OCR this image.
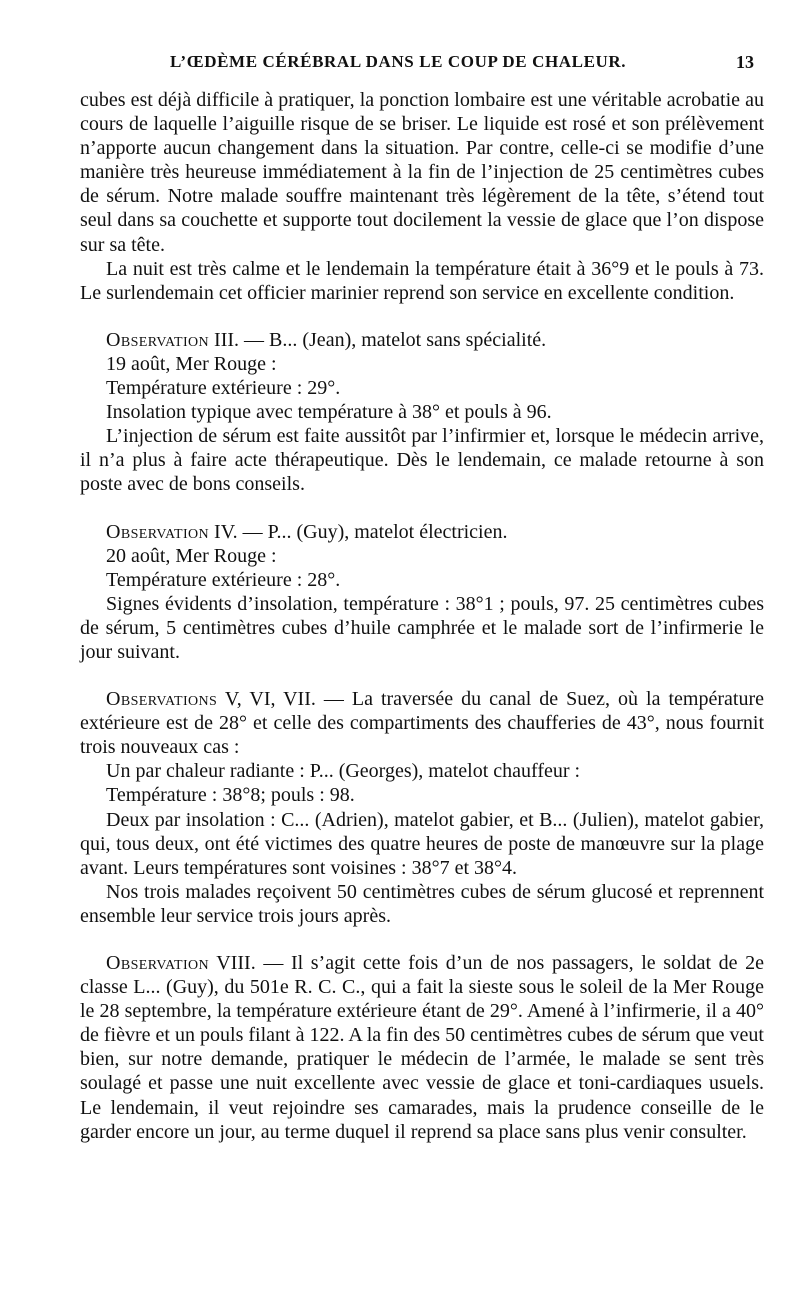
L’ŒDÈME CÉRÉBRAL DANS LE COUP DE CHALEUR.	13

cubes est déjà difficile à pratiquer, la ponction lombaire est une véritable acrobatie au cours de laquelle l’aiguille risque de se briser. Le liquide est rosé et son prélèvement n’apporte aucun changement dans la situation. Par contre, celle-ci se modifie d’une manière très heureuse immédiatement à la fin de l’injection de 25 centimètres cubes de sérum. Notre malade souffre maintenant très légèrement de la tête, s’étend tout seul dans sa couchette et supporte tout docilement la vessie de glace que l’on dispose sur sa tête.

La nuit est très calme et le lendemain la température était à 36°9 et le pouls à 73. Le surlendemain cet officier marinier reprend son service en excellente condition.

Observation III. — B... (Jean), matelot sans spécialité.

19 août, Mer Rouge :

Température extérieure : 29°.

Insolation typique avec température à 38° et pouls à 96.

L’injection de sérum est faite aussitôt par l’infirmier et, lorsque le médecin arrive, il n’a plus à faire acte thérapeutique. Dès le lendemain, ce malade retourne à son poste avec de bons conseils.

Observation IV. — P... (Guy), matelot électricien.

20 août, Mer Rouge :

Température extérieure : 28°.

Signes évidents d’insolation, température : 38°1 ; pouls, 97. 25 centimètres cubes de sérum, 5 centimètres cubes d’huile camphrée et le malade sort de l’infirmerie le jour suivant.

Observations V, VI, VII. — La traversée du canal de Suez, où la température extérieure est de 28° et celle des compartiments des chaufferies de 43°, nous fournit trois nouveaux cas :

Un par chaleur radiante : P... (Georges), matelot chauffeur :

Température : 38°8; pouls : 98.

Deux par insolation : C... (Adrien), matelot gabier, et B... (Julien), matelot gabier, qui, tous deux, ont été victimes des quatre heures de poste de manœuvre sur la plage avant. Leurs températures sont voisines : 38°7 et 38°4.

Nos trois malades reçoivent 50 centimètres cubes de sérum glucosé et reprennent ensemble leur service trois jours après.

Observation VIII. — Il s’agit cette fois d’un de nos passagers, le soldat de 2e classe L... (Guy), du 501e R. C. C., qui a fait la sieste sous le soleil de la Mer Rouge le 28 septembre, la température extérieure étant de 29°. Amené à l’infirmerie, il a 40° de fièvre et un pouls filant à 122. A la fin des 50 centimètres cubes de sérum que veut bien, sur notre demande, pratiquer le médecin de l’armée, le malade se sent très soulagé et passe une nuit excellente avec vessie de glace et toni-cardiaques usuels. Le lendemain, il veut rejoindre ses camarades, mais la prudence conseille de le garder encore un jour, au terme duquel il reprend sa place sans plus venir consulter.
